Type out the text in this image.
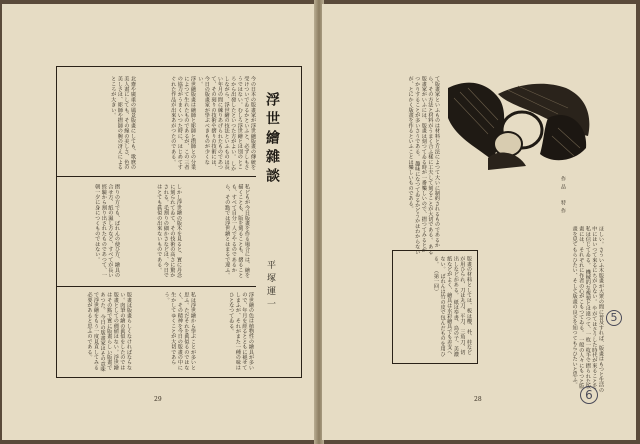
浮世繪雜談
平塚運一
今の日本の版畫家が浮世繪版畫の傳統を受けついでゐるかといふと、必ずしもさうではない。むしろ浮世繪とは別のところから出發したといつた方がよい。 しかしながら、浮世繪の技法といふものは長い年月の間に練りあげられたものであつて、その刻りの技術や摺りの技術には、今日の版畫家が學ぶべきものが少くない。
浮世繪版畫は繪師と彫師と摺師との分業によつて生れたものであるが、この三者の協力がうまくいつた時に、はじめてすぐれた作品が出來あがつたのである。
北齋や廣重の風景版畫にしても、歌麿の美人畫にしても、その線の美しさ、色の美しさは、彫師や摺師の腕の冴えによるところが大きい。
私どもが今日版畫を作る場合には、繪を描くことも、版を刻ることも、摺ることも、すべて自分一人でやるのであるから、その點では浮世繪とはまるで違ふ。
しかし浮世繪の版木を見ると、實に丹念に刻られてゐて、その技術の高さに驚かされる。毛割りの細かさなどは、今日ではとても眞似の出來ないものである。
摺りの方でも、ばれんの使ひ方、繪具の合せ方、紙の濕し方など、すべてが長い經驗から割り出されたものであつて、一朝一夕に身につくものではない。
浮世繪の色は植物性の繪具が多いので、年月を經るとともに褪せてしまふが、それがまた一種の味はひとなつてゐる。
私は浮世繪から學ぶことが多いと思ふ。ただそれを眞似るのではなく、その精神を今日の版畫の中に生かしてゆくことが大切であらう。
版畫は版畫らしくなければならない。肉筆の繪の眞似をしたのでは版畫としての價値はない。浮世繪はその點で實に版畫らしい版畫であつた。 今日の版畫家はその意味で浮世繪をもう一度見直してみる必要があると思ふのである。
29
て版畫家といふものは材料と方法によつて大いに制約されるものであるから、その方法と材料がうまく合ふ樣に工夫して刻ることが大切である。 ある版畫家がいふには、版畫は刻つてゐる時が一番樂しいので、摺つてみるとがつかりすることが多いさうである。 趣味になつてゐるかどうかはわからないが、とにかく版畫を作るといふことは樂しいものである。	作品　特作
ほしい。さういふ木版畫が大衆の間に普及すれば、版畫はもつと生活の中にはいつて來るにちがひない。 やがてはさうした時代が來ることを私は信じてゐる。 機械的な複製とは違つて、一枚一枚手で摺られた版畫には、それぞれに作者の心がこもつてゐる。 一般の人々にもつと版畫を見てもらひたい、そして版畫の良さを知つてもらひたいと思ふ。
版畫の材料としては、板は櫻、朴、桂などが用ひられ、刀は丸刀、平刀、三角刀、切出しなどがある。 紙は奉書、鳥の子、美濃紙などがよく、繪具は水彩繪具でも差支へない。 ばれんは竹の皮で包んだものを用ひる。 （第一回）
28
5
6
